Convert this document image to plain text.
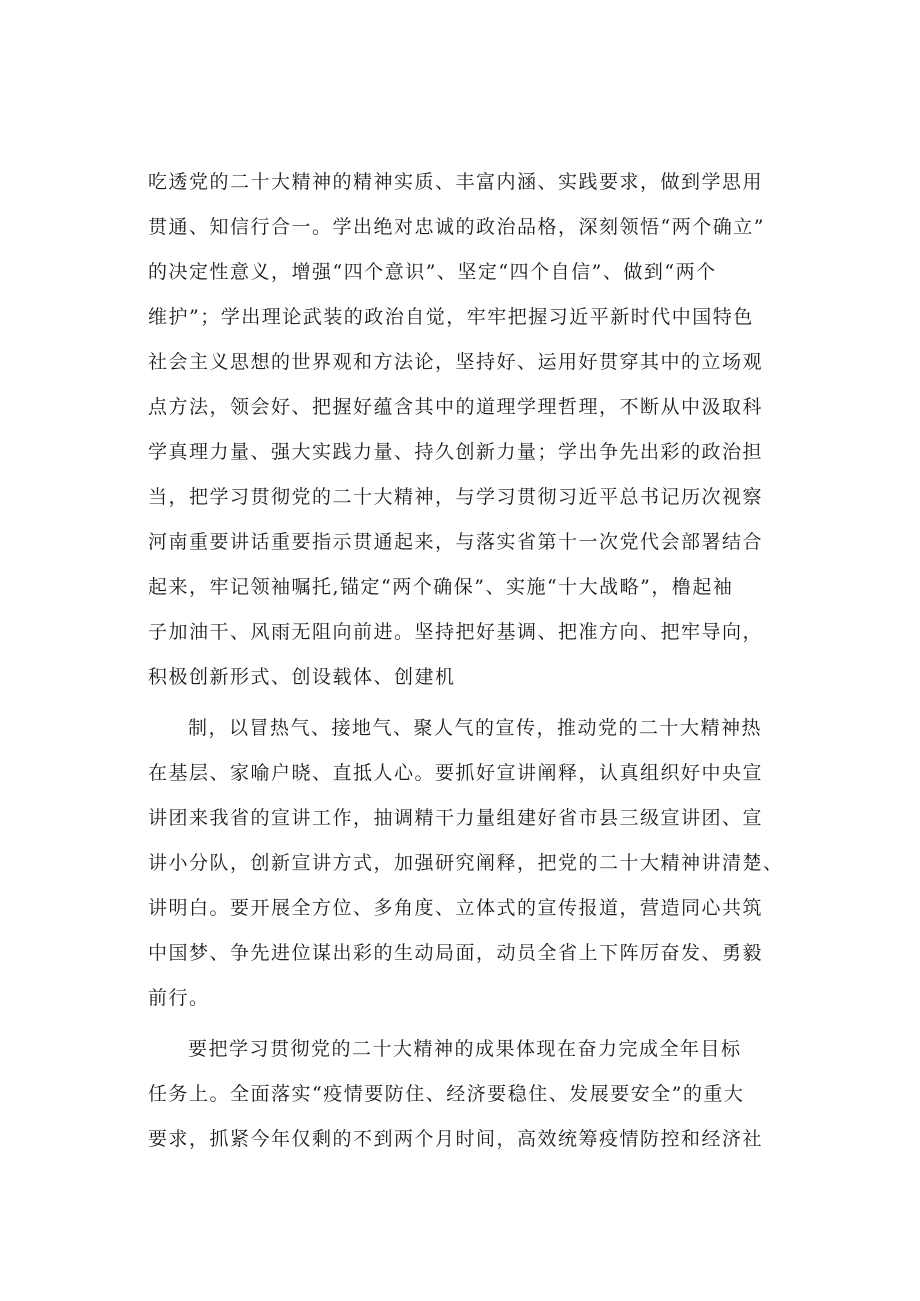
吃透党的二十大精神的精神实质、丰富内涵、实践要求，做到学思用
贯通、知信行合一。学出绝对忠诚的政治品格，深刻领悟“两个确立”
的决定性意义，增强“四个意识”、坚定“四个自信”、做到“两个
维护”；学出理论武装的政治自觉，牢牢把握习近平新时代中国特色
社会主义思想的世界观和方法论，坚持好、运用好贯穿其中的立场观
点方法，领会好、把握好蕴含其中的道理学理哲理，不断从中汲取科
学真理力量、强大实践力量、持久创新力量；学出争先出彩的政治担
当，把学习贯彻党的二十大精神，与学习贯彻习近平总书记历次视察
河南重要讲话重要指示贯通起来，与落实省第十一次党代会部署结合
起来，牢记领袖嘱托,锚定“两个确保”、实施“十大战略”，橹起袖
子加油干、风雨无阻向前进。坚持把好基调、把准方向、把牢导向，
积极创新形式、创设载体、创建机
制，以冒热气、接地气、聚人气的宣传，推动党的二十大精神热
在基层、家喻户晓、直抵人心。要抓好宣讲阐释，认真组织好中央宣
讲团来我省的宣讲工作，抽调精干力量组建好省市县三级宣讲团、宣
讲小分队，创新宣讲方式，加强研究阐释，把党的二十大精神讲清楚、
讲明白。要开展全方位、多角度、立体式的宣传报道，营造同心共筑
中国梦、争先进位谋出彩的生动局面，动员全省上下阵厉奋发、勇毅
前行。
要把学习贯彻党的二十大精神的成果体现在奋力完成全年目标
任务上。全面落实“疫情要防住、经济要稳住、发展要安全”的重大
要求，抓紧今年仅剩的不到两个月时间，高效统筹疫情防控和经济社
